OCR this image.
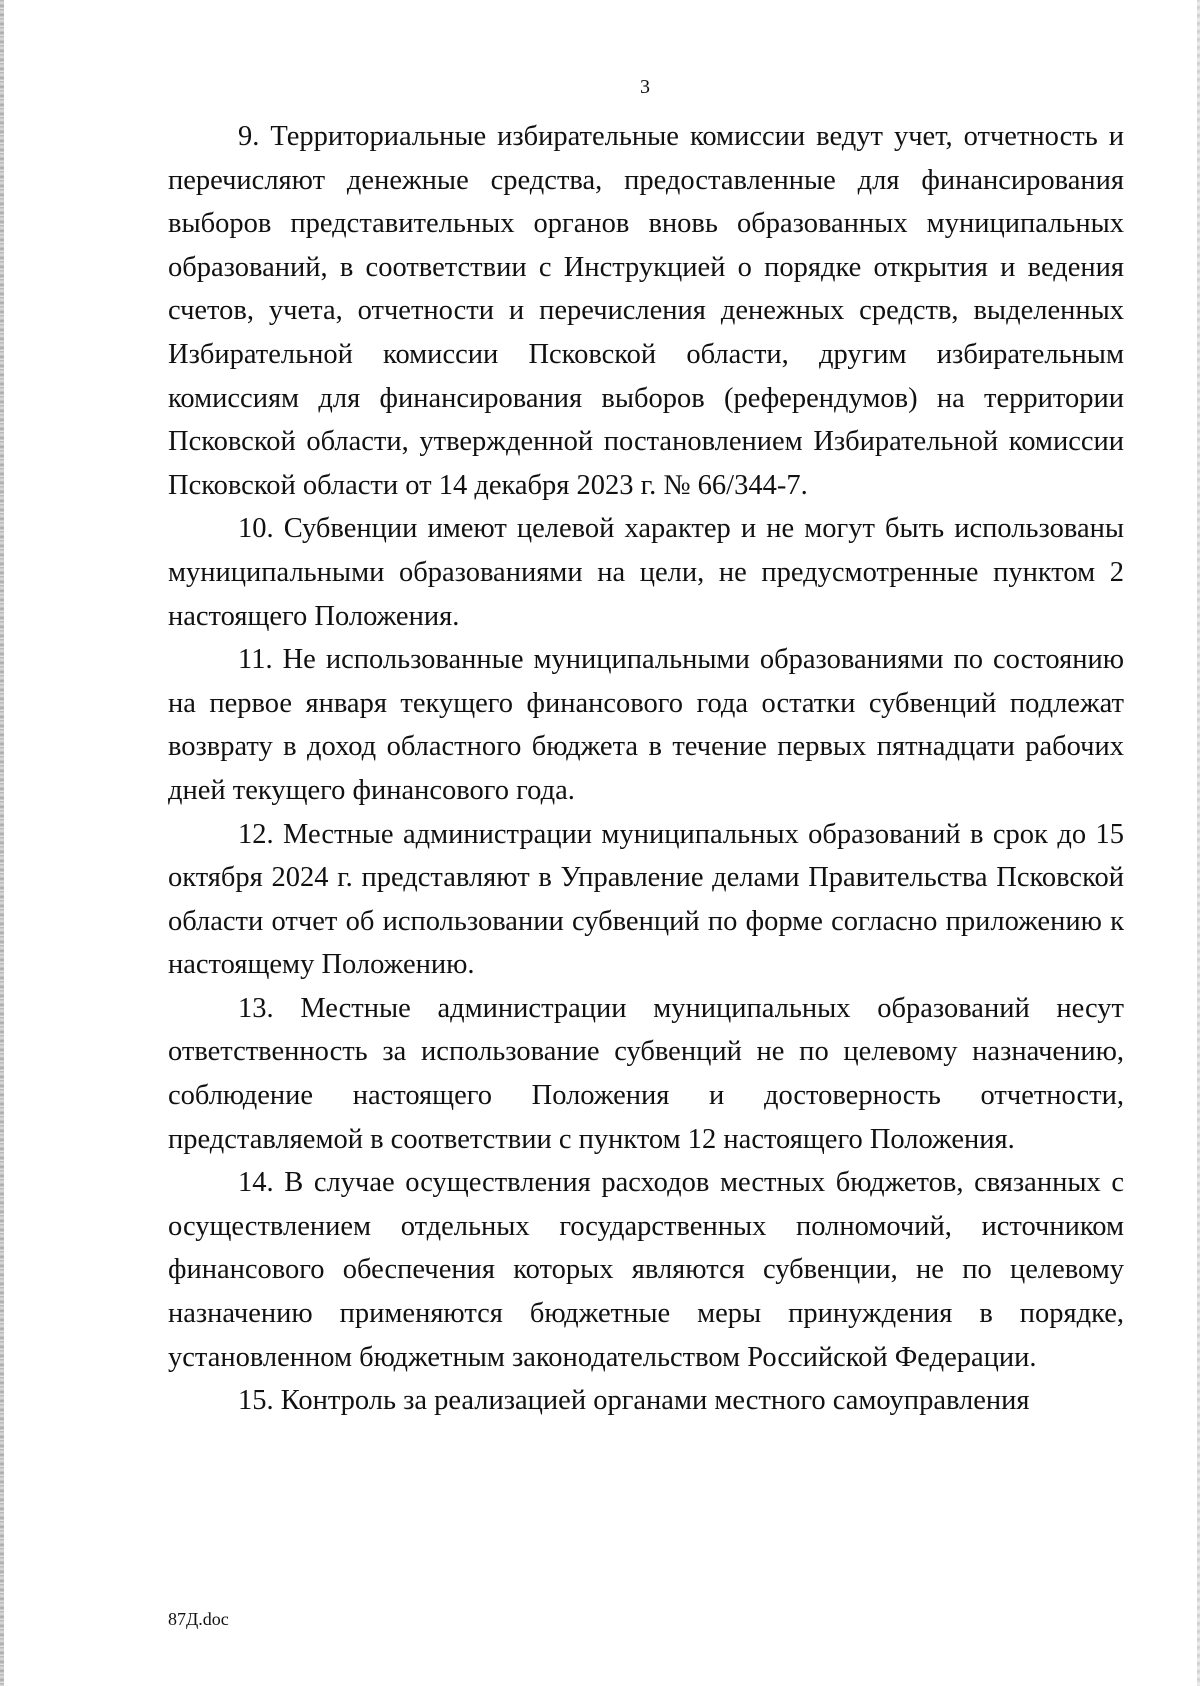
3

9. Территориальные избирательные комиссии ведут учет, отчетность и перечисляют денежные средства, предоставленные для финансирования выборов представительных органов вновь образованных муниципальных образований, в соответствии с Инструкцией о порядке открытия и ведения счетов, учета, отчетности и перечисления денежных средств, выделенных Избирательной комиссии Псковской области, другим избирательным комиссиям для финансирования выборов (референдумов) на территории Псковской области, утвержденной постановлением Избирательной комиссии Псковской области от 14 декабря 2023 г. № 66/344-7.

10. Субвенции имеют целевой характер и не могут быть использованы муниципальными образованиями на цели, не предусмотренные пунктом 2 настоящего Положения.

11. Не использованные муниципальными образованиями по состоянию на первое января текущего финансового года остатки субвенций подлежат возврату в доход областного бюджета в течение первых пятнадцати рабочих дней текущего финансового года.

12. Местные администрации муниципальных образований в срок до 15 октября 2024 г. представляют в Управление делами Правительства Псковской области отчет об использовании субвенций по форме согласно приложению к настоящему Положению.

13. Местные администрации муниципальных образований несут ответственность за использование субвенций не по целевому назначению, соблюдение настоящего Положения и достоверность отчетности, представляемой в соответствии с пунктом 12 настоящего Положения.

14. В случае осуществления расходов местных бюджетов, связанных с осуществлением отдельных государственных полномочий, источником финансового обеспечения которых являются субвенции, не по целевому назначению применяются бюджетные меры принуждения в порядке, установленном бюджетным законодательством Российской Федерации.

15. Контроль за реализацией органами местного самоуправления

87Д.doc
